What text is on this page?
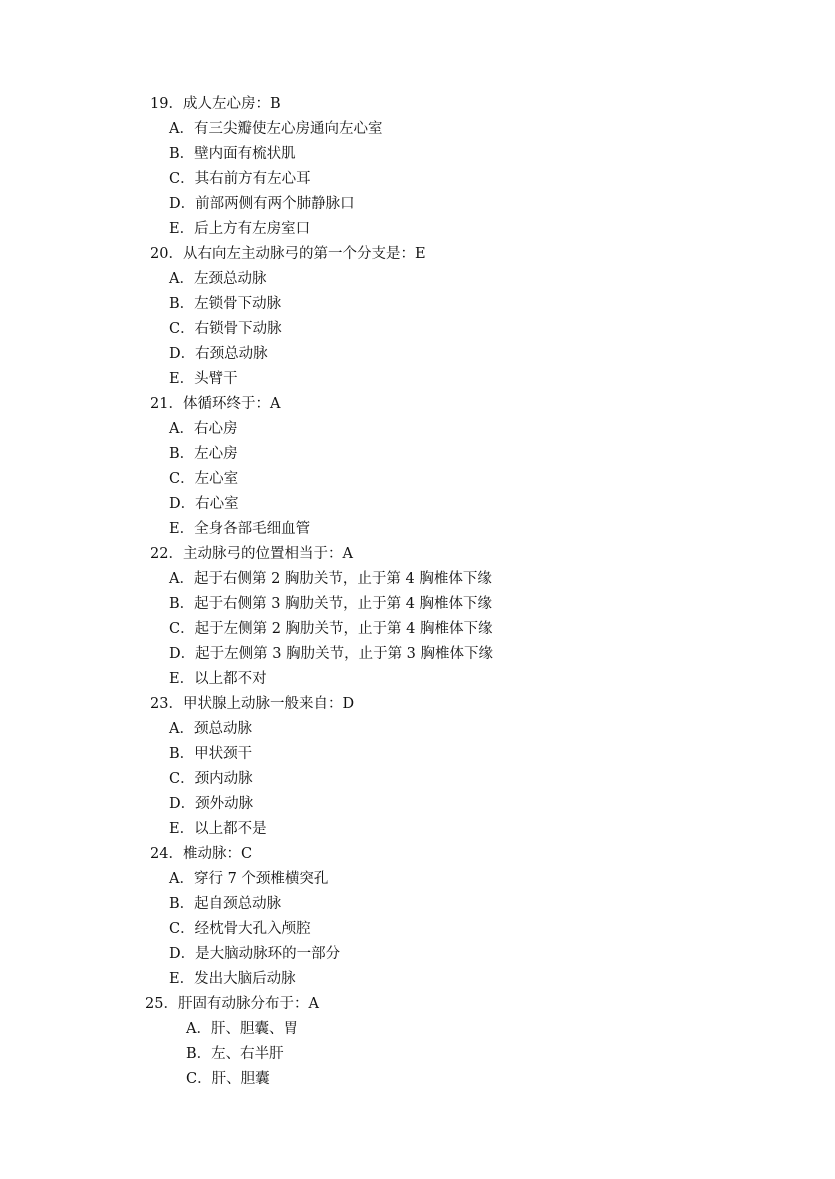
19．成人左心房：B
A．有三尖瓣使左心房通向左心室
B．壁内面有梳状肌
C．其右前方有左心耳
D．前部两侧有两个肺静脉口
E．后上方有左房室口
20．从右向左主动脉弓的第一个分支是：E
A．左颈总动脉
B．左锁骨下动脉
C．右锁骨下动脉
D．右颈总动脉
E．头臂干
21．体循环终于：A
A．右心房
B．左心房
C．左心室
D．右心室
E．全身各部毛细血管
22．主动脉弓的位置相当于：A
A．起于右侧第 2 胸肋关节，止于第 4 胸椎体下缘
B．起于右侧第 3 胸肋关节，止于第 4 胸椎体下缘
C．起于左侧第 2 胸肋关节，止于第 4 胸椎体下缘
D．起于左侧第 3 胸肋关节，止于第 3 胸椎体下缘
E．以上都不对
23．甲状腺上动脉一般来自：D
A．颈总动脉
B．甲状颈干
C．颈内动脉
D．颈外动脉
E．以上都不是
24．椎动脉：C
A．穿行 7 个颈椎横突孔
B．起自颈总动脉
C．经枕骨大孔入颅腔
D．是大脑动脉环的一部分
E．发出大脑后动脉
25．肝固有动脉分布于：A
A．肝、胆囊、胃
B．左、右半肝
C．肝、胆囊
